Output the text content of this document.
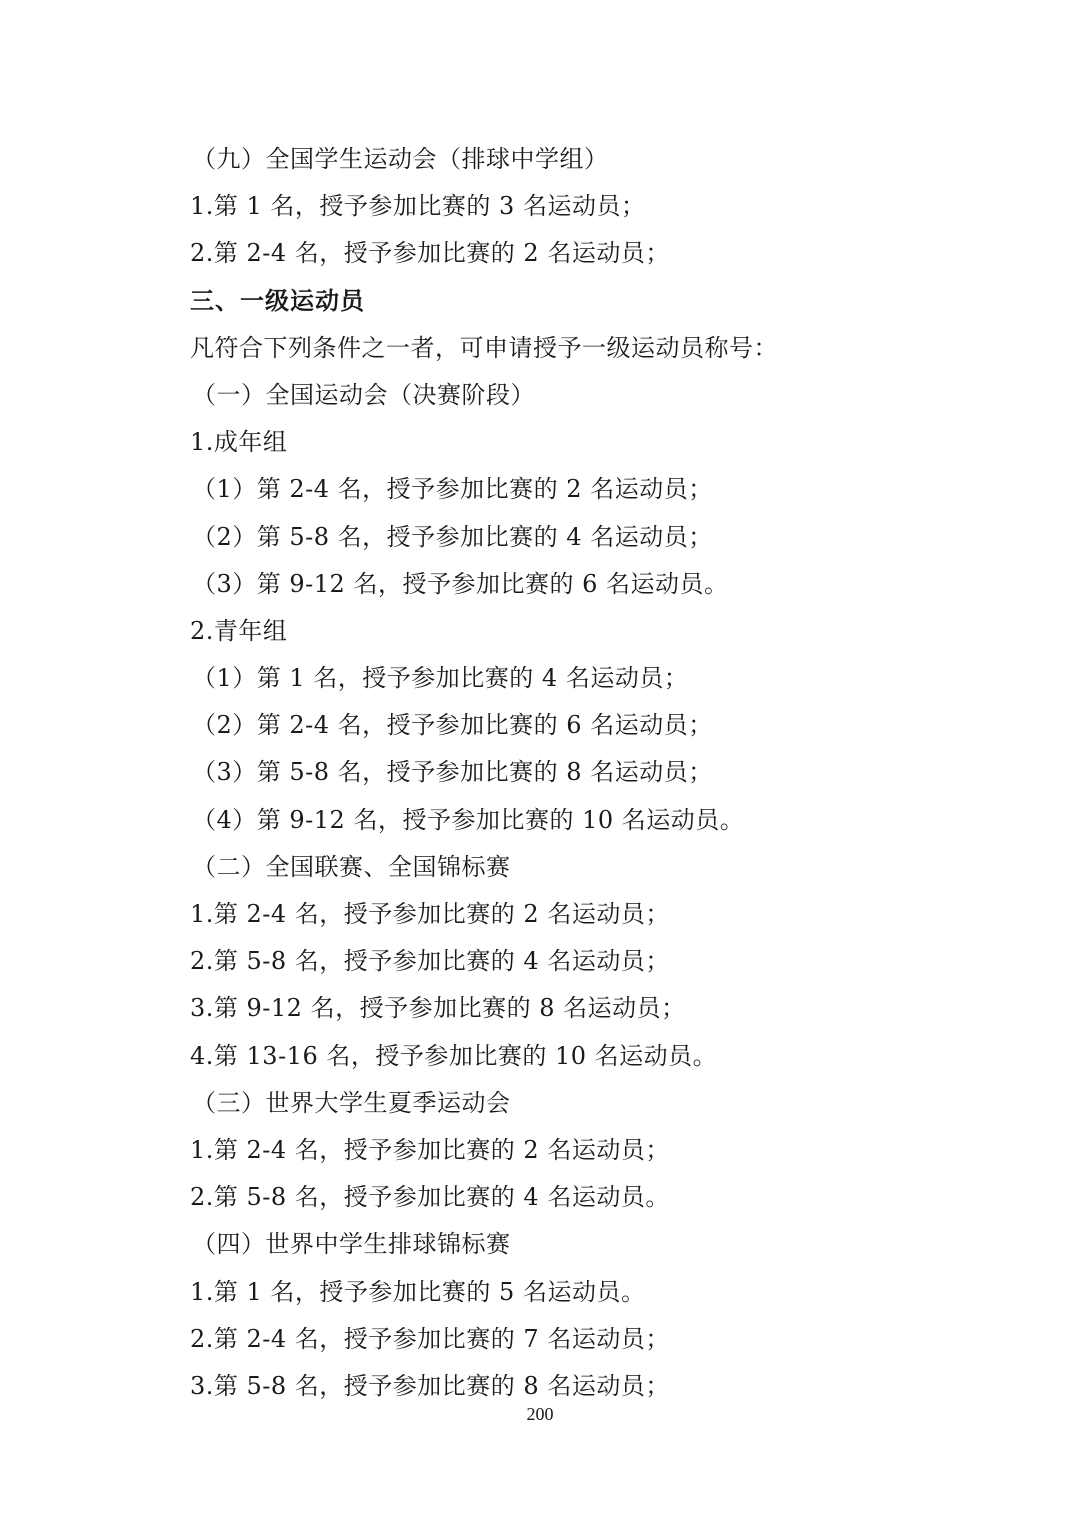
（九）全国学生运动会（排球中学组）
1.第 1 名，授予参加比赛的 3 名运动员；
2.第 2-4 名，授予参加比赛的 2 名运动员；
三、一级运动员
凡符合下列条件之一者，可申请授予一级运动员称号：
（一）全国运动会（决赛阶段）
1.成年组
（1）第 2-4 名，授予参加比赛的 2 名运动员；
（2）第 5-8 名，授予参加比赛的 4 名运动员；
（3）第 9-12 名，授予参加比赛的 6 名运动员。
2.青年组
（1）第 1 名，授予参加比赛的 4 名运动员；
（2）第 2-4 名，授予参加比赛的 6 名运动员；
（3）第 5-8 名，授予参加比赛的 8 名运动员；
（4）第 9-12 名，授予参加比赛的 10 名运动员。
（二）全国联赛、全国锦标赛
1.第 2-4 名，授予参加比赛的 2 名运动员；
2.第 5-8 名，授予参加比赛的 4 名运动员；
3.第 9-12 名，授予参加比赛的 8 名运动员；
4.第 13-16 名，授予参加比赛的 10 名运动员。
（三）世界大学生夏季运动会
1.第 2-4 名，授予参加比赛的 2 名运动员；
2.第 5-8 名，授予参加比赛的 4 名运动员。
（四）世界中学生排球锦标赛
1.第 1 名，授予参加比赛的 5 名运动员。
2.第 2-4 名，授予参加比赛的 7 名运动员；
3.第 5-8 名，授予参加比赛的 8 名运动员；
200
